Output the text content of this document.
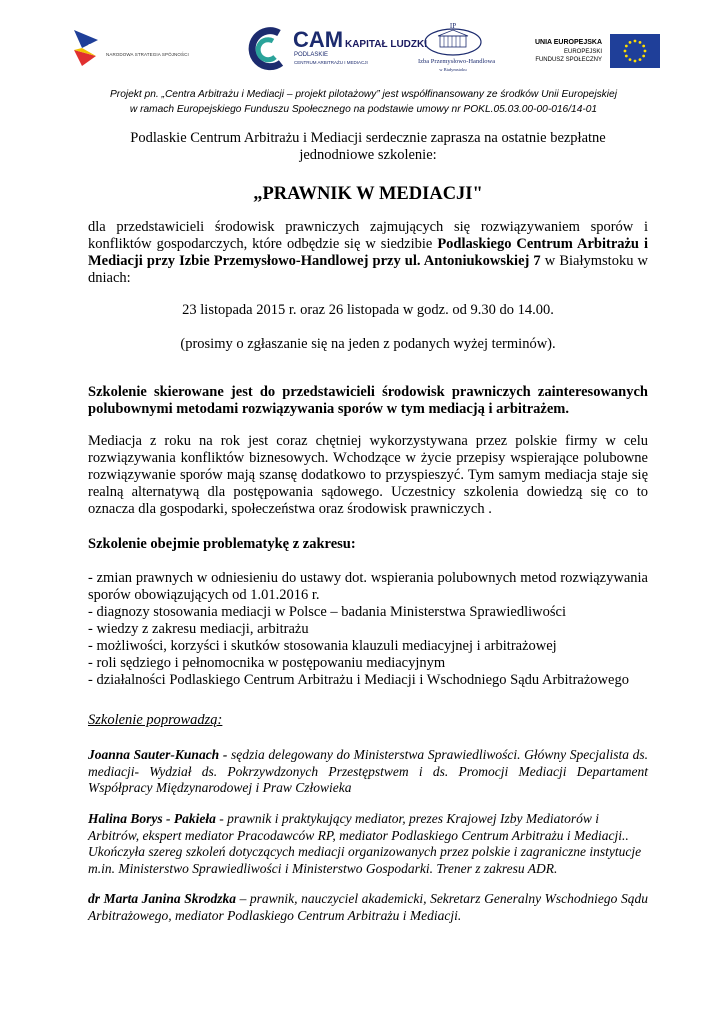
KAPITAŁ LUDZKI
NARODOWA STRATEGIA SPÓJNOŚCI
CAM
PODLASKIE
CENTRUM ARBITRAŻU I MEDIACJI
IP
Izba Przemysłowo-Handlowa
w Białymstoku
UNIA EUROPEJSKA
EUROPEJSKI
FUNDUSZ SPOŁECZNY
Projekt pn. „Centra Arbitrażu i Mediacji – projekt pilotażowy” jest współfinansowany ze środków Unii Europejskiej
w ramach Europejskiego Funduszu Społecznego na podstawie umowy nr POKL.05.03.00-00-016/14-01
Podlaskie Centrum Arbitrażu i Mediacji serdecznie zaprasza na ostatnie bezpłatne jednodniowe szkolenie:
„PRAWNIK W MEDIACJI"
dla przedstawicieli środowisk prawniczych zajmujących się rozwiązywaniem sporów i konfliktów gospodarczych, które odbędzie się w siedzibie Podlaskiego Centrum Arbitrażu i Mediacji przy Izbie Przemysłowo-Handlowej przy ul. Antoniukowskiej 7 w Białymstoku w dniach:
23 listopada 2015 r. oraz 26 listopada w godz. od 9.30 do 14.00.
(prosimy o zgłaszanie się na jeden z podanych wyżej terminów).
Szkolenie skierowane jest do przedstawicieli środowisk prawniczych zainteresowanych polubownymi metodami rozwiązywania sporów w tym mediacją i arbitrażem.
Mediacja z roku na rok jest coraz chętniej wykorzystywana przez polskie firmy w celu rozwiązywania konfliktów biznesowych. Wchodzące w życie przepisy wspierające polubowne rozwiązywanie sporów mają szansę dodatkowo to przyspieszyć. Tym samym mediacja staje się realną alternatywą dla postępowania sądowego. Uczestnicy szkolenia dowiedzą się co to oznacza dla gospodarki, społeczeństwa oraz środowisk prawniczych .
Szkolenie obejmie problematykę z zakresu:
- zmian prawnych w odniesieniu do ustawy dot. wspierania polubownych metod rozwiązywania sporów obowiązujących od 1.01.2016 r.
- diagnozy stosowania mediacji w Polsce – badania Ministerstwa Sprawiedliwości
- wiedzy z zakresu mediacji, arbitrażu
- możliwości, korzyści i skutków stosowania klauzuli mediacyjnej i arbitrażowej
- roli sędziego i pełnomocnika w postępowaniu mediacyjnym
- działalności Podlaskiego Centrum Arbitrażu i Mediacji i Wschodniego Sądu Arbitrażowego
Szkolenie poprowadzą:
Joanna Sauter-Kunach - sędzia delegowany do Ministerstwa Sprawiedliwości. Główny Specjalista ds. mediacji- Wydział ds. Pokrzywdzonych Przestępstwem i ds. Promocji Mediacji Departament Współpracy Międzynarodowej i Praw Człowieka
Halina Borys - Pakieła - prawnik i praktykujący mediator, prezes Krajowej Izby Mediatorów i Arbitrów, ekspert mediator Pracodawców RP, mediator Podlaskiego Centrum Arbitrażu i Mediacji.. Ukończyła szereg szkoleń dotyczących mediacji organizowanych przez polskie i zagraniczne instytucje m.in. Ministerstwo Sprawiedliwości i Ministerstwo Gospodarki. Trener z zakresu ADR.
dr Marta Janina Skrodzka – prawnik, nauczyciel akademicki, Sekretarz Generalny Wschodniego Sądu Arbitrażowego, mediator Podlaskiego Centrum Arbitrażu i Mediacji.
